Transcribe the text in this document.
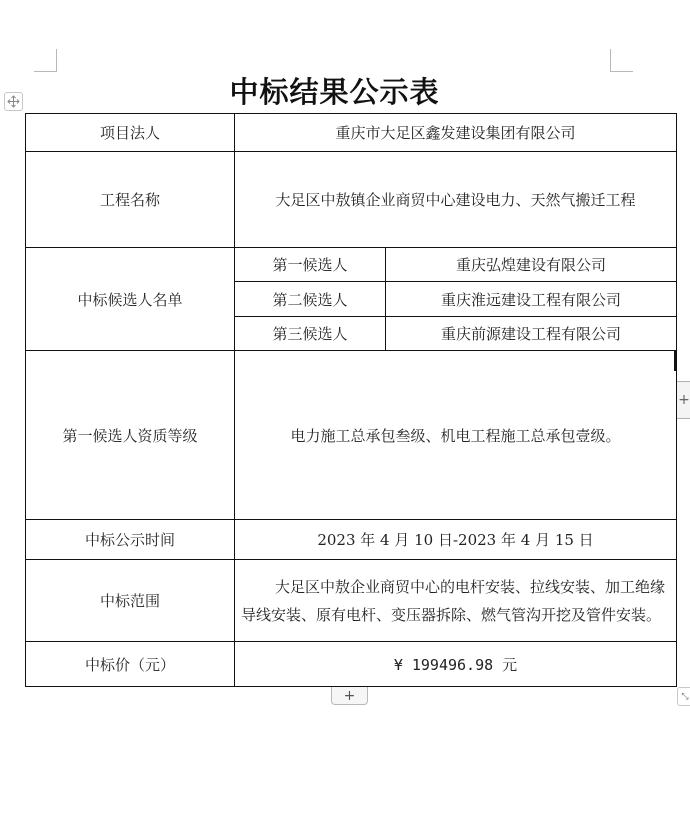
中标结果公示表
项目法人	重庆市大足区鑫发建设集团有限公司	
工程名称	大足区中敖镇企业商贸中心建设电力、天然气搬迁工程	
中标候选人名单	第一候选人	重庆弘煌建设有限公司
	第二候选人	重庆淮远建设工程有限公司
	第三候选人	重庆前源建设工程有限公司
第一候选人资质等级	电力施工总承包叁级、机电工程施工总承包壹级。	
中标公示时间	2023 年 4 月 10 日-2023 年 4 月 15 日	
中标范围	大足区中敖企业商贸中心的电杆安装、拉线安装、加工绝缘导线安装、原有电杆、变压器拆除、燃气管沟开挖及管件安装。	
中标价（元）	¥ 199496.98 元	
+
+	⤡
